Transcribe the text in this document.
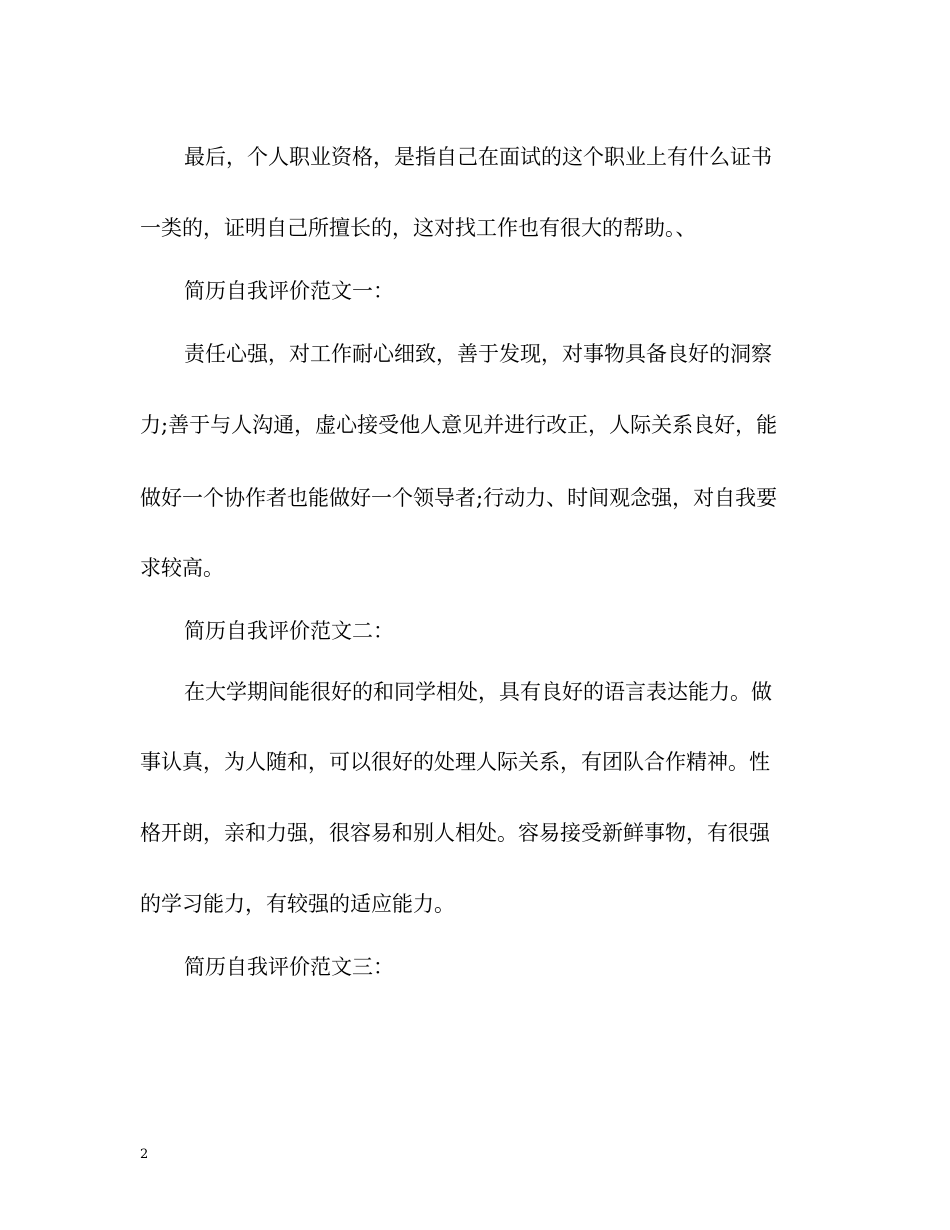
最后，个人职业资格，是指自己在面试的这个职业上有什么证书
一类的，证明自己所擅长的，这对找工作也有很大的帮助。、
简历自我评价范文一：
责任心强，对工作耐心细致，善于发现，对事物具备良好的洞察
力;善于与人沟通，虚心接受他人意见并进行改正，人际关系良好，能
做好一个协作者也能做好一个领导者;行动力、时间观念强，对自我要
求较高。
简历自我评价范文二：
在大学期间能很好的和同学相处，具有良好的语言表达能力。做
事认真，为人随和，可以很好的处理人际关系，有团队合作精神。性
格开朗，亲和力强，很容易和别人相处。容易接受新鲜事物，有很强
的学习能力，有较强的适应能力。
简历自我评价范文三：
2
